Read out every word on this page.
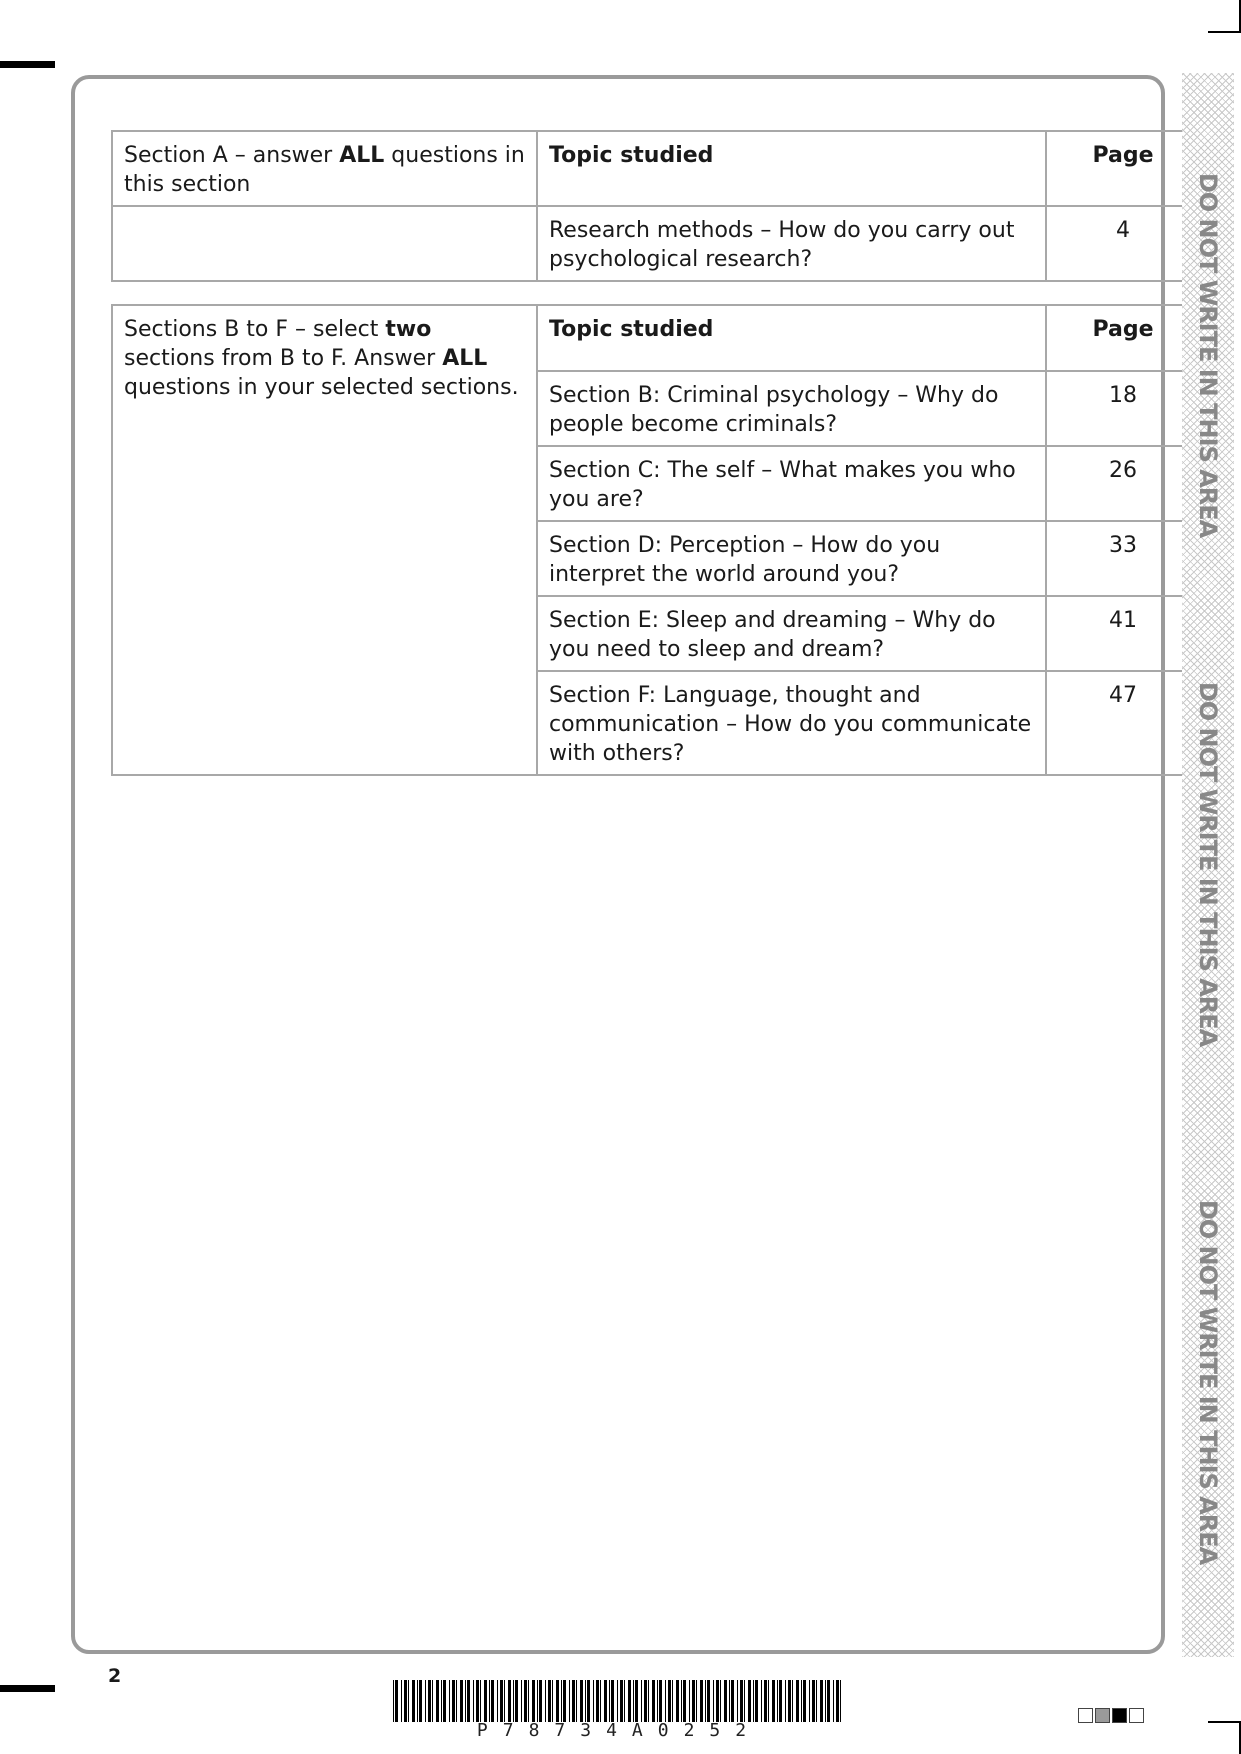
Section A – answer ALL questions in this section	Topic studied	Page
	Research methods – How do you carry out psychological research?	4
Sections B to F – select two sections from B to F. Answer ALL questions in your selected sections.	Topic studied	Page
	Section B: Criminal psychology – Why do people become criminals?	18
	Section C: The self – What makes you who you are?	26
	Section D: Perception – How do you interpret the world around you?	33
	Section E: Sleep and dreaming – Why do you need to sleep and dream?	41
	Section F: Language, thought and communication – How do you communicate with others?	47
DO NOT WRITE IN THIS AREA
DO NOT WRITE IN THIS AREA
DO NOT WRITE IN THIS AREA
2
P78734A0252
